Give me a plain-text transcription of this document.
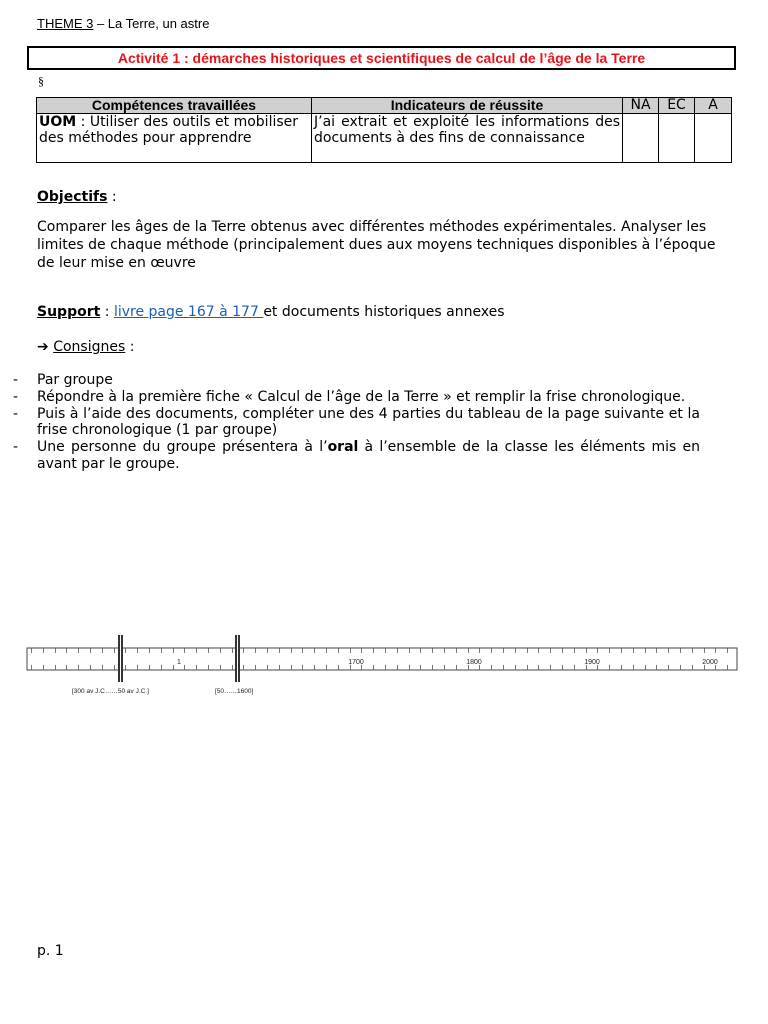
THEME 3 – La Terre, un astre
Activité 1 : démarches historiques et scientifiques de calcul de l’âge de la Terre
§
Compétences travaillées	Indicateurs de réussite	NA	EC	A
UOM : Utiliser des outils et mobiliser des méthodes pour apprendre	J’ai extrait et exploité les informations des documents à des fins de connaissance			
Objectifs :
Comparer les âges de la Terre obtenus avec différentes méthodes expérimentales. Analyser les limites de chaque méthode (principalement dues aux moyens techniques disponibles à l’époque de leur mise en œuvre
Support : livre page 167 à 177 et documents historiques annexes
➔ Consignes :
- Par groupe
- Répondre à la première fiche « Calcul de l’âge de la Terre » et remplir la frise chronologique.
- Puis à l’aide des documents, compléter une des 4 parties du tableau de la page suivante et la frise chronologique (1 par groupe)
- Une personne du groupe présentera à l’oral à l’ensemble de la classe les éléments mis en avant par le groupe.
1	1700	1800	1900	2000
[300 av J.C……50 av J.C.]	[50……1600]
p. 1
